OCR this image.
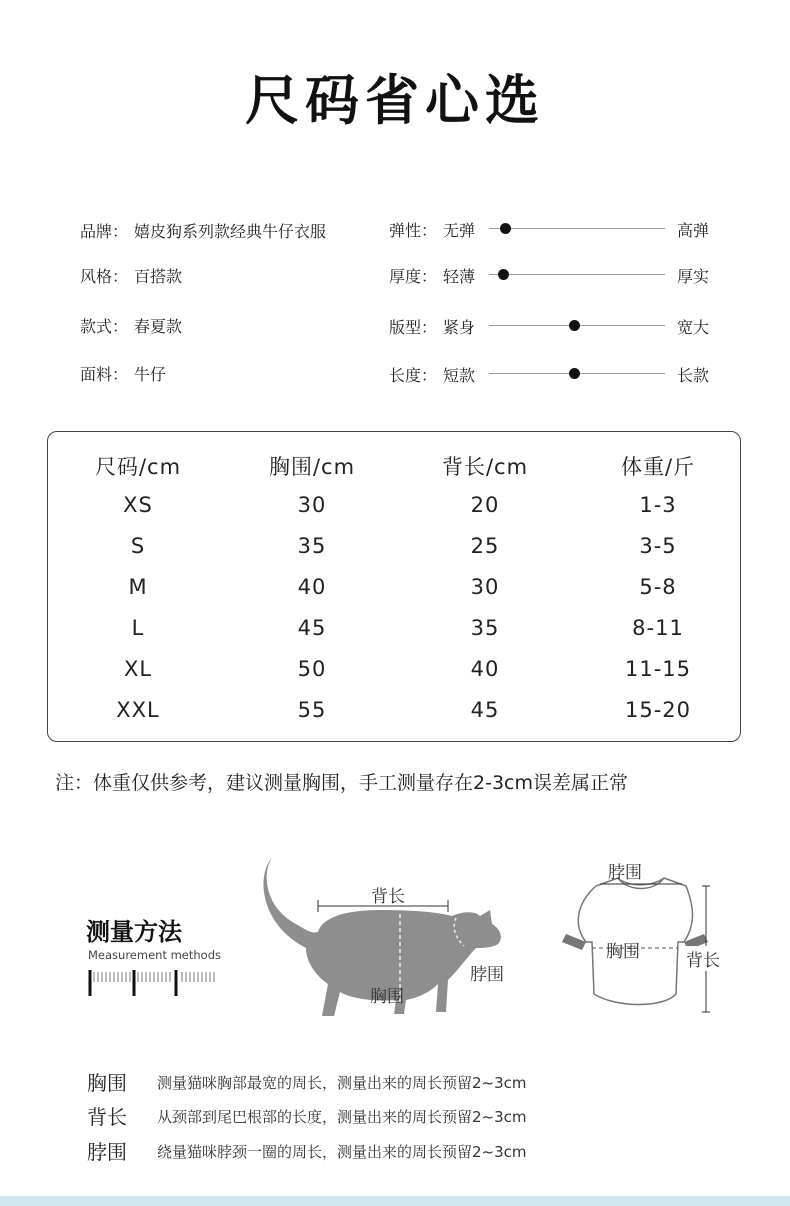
尺码省心选
品牌： 嬉皮狗系列款经典牛仔衣服
风格： 百搭款
款式： 春夏款
面料： 牛仔
弹性： 无弹	高弹
厚度： 轻薄	厚实
版型： 紧身	宽大
长度： 短款	长款
尺码/cm	胸围/cm	背长/cm	体重/斤
XS	30	20	1-3
S	35	25	3-5
M	40	30	5-8
L	45	35	8-11
XL	50	40	11-15
XXL	55	45	15-20
注：体重仅供参考，建议测量胸围，手工测量存在2-3cm误差属正常
测量方法
Measurement methods
背长
脖围
胸围
脖围
胸围	背长
胸围 测量猫咪胸部最宽的周长，测量出来的周长预留2~3cm
背长 从颈部到尾巴根部的长度，测量出来的周长预留2~3cm
脖围 绕量猫咪脖颈一圈的周长，测量出来的周长预留2~3cm
